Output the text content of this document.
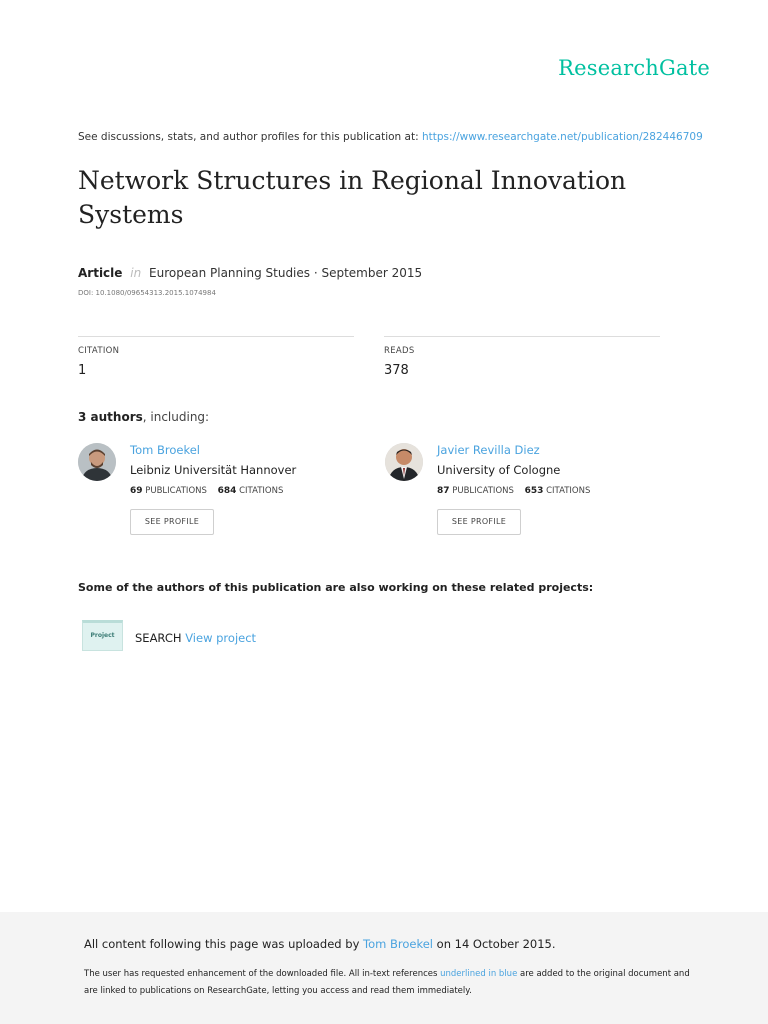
ResearchGate
See discussions, stats, and author profiles for this publication at: https://www.researchgate.net/publication/282446709
Network Structures in Regional Innovation Systems
Article in European Planning Studies · September 2015
DOI: 10.1080/09654313.2015.1074984
CITATION
1
READS
378
3 authors, including:
Tom Broekel
Leibniz Universität Hannover
69 PUBLICATIONS 684 CITATIONS
SEE PROFILE
Javier Revilla Diez
University of Cologne
87 PUBLICATIONS 653 CITATIONS
SEE PROFILE
Some of the authors of this publication are also working on these related projects:
Project	SEARCH View project
All content following this page was uploaded by Tom Broekel on 14 October 2015.
The user has requested enhancement of the downloaded file. All in-text references underlined in blue are added to the original document and are linked to publications on ResearchGate, letting you access and read them immediately.
